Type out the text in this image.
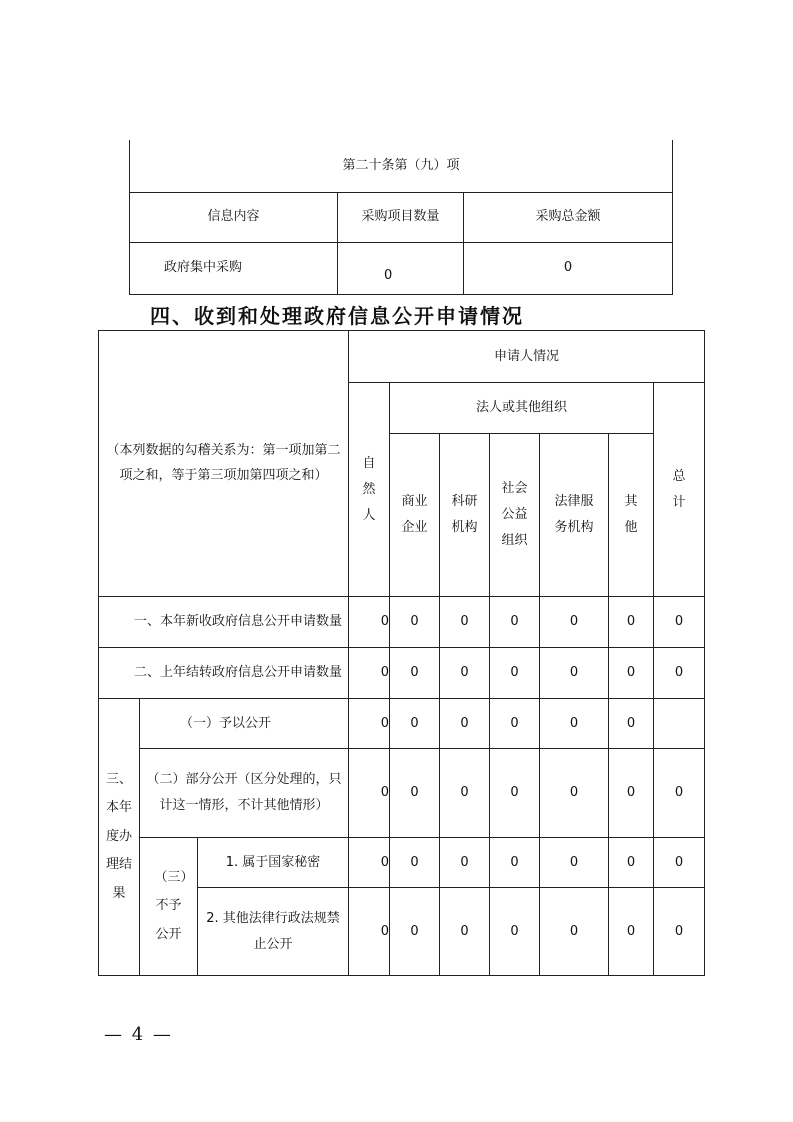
第二十条第（九）项		
信息内容	采购项目数量	采购总金额
政府集中采购	0	0
四、收到和处理政府信息公开申请情况
（本列数据的勾稽关系为：第一项加第二项之和，等于第三项加第四项之和）			申请人情况						
			自然人	法人或其他组织					总计
				商业企业	科研机构	社会公益组织	法律服务机构	其他	
一、本年新收政府信息公开申请数量			0	0	0	0	0	0	0
二、上年结转政府信息公开申请数量			0	0	0	0	0	0	0
三、本年度办理结果	（一）予以公开		0	0	0	0	0	0	
	（二）部分公开（区分处理的，只计这一情形，不计其他情形）		0	0	0	0	0	0	0
	（三）不予公开	1. 属于国家秘密	0	0	0	0	0	0	0
		2. 其他法律行政法规禁止公开	0	0	0	0	0	0	0
— 4 —
